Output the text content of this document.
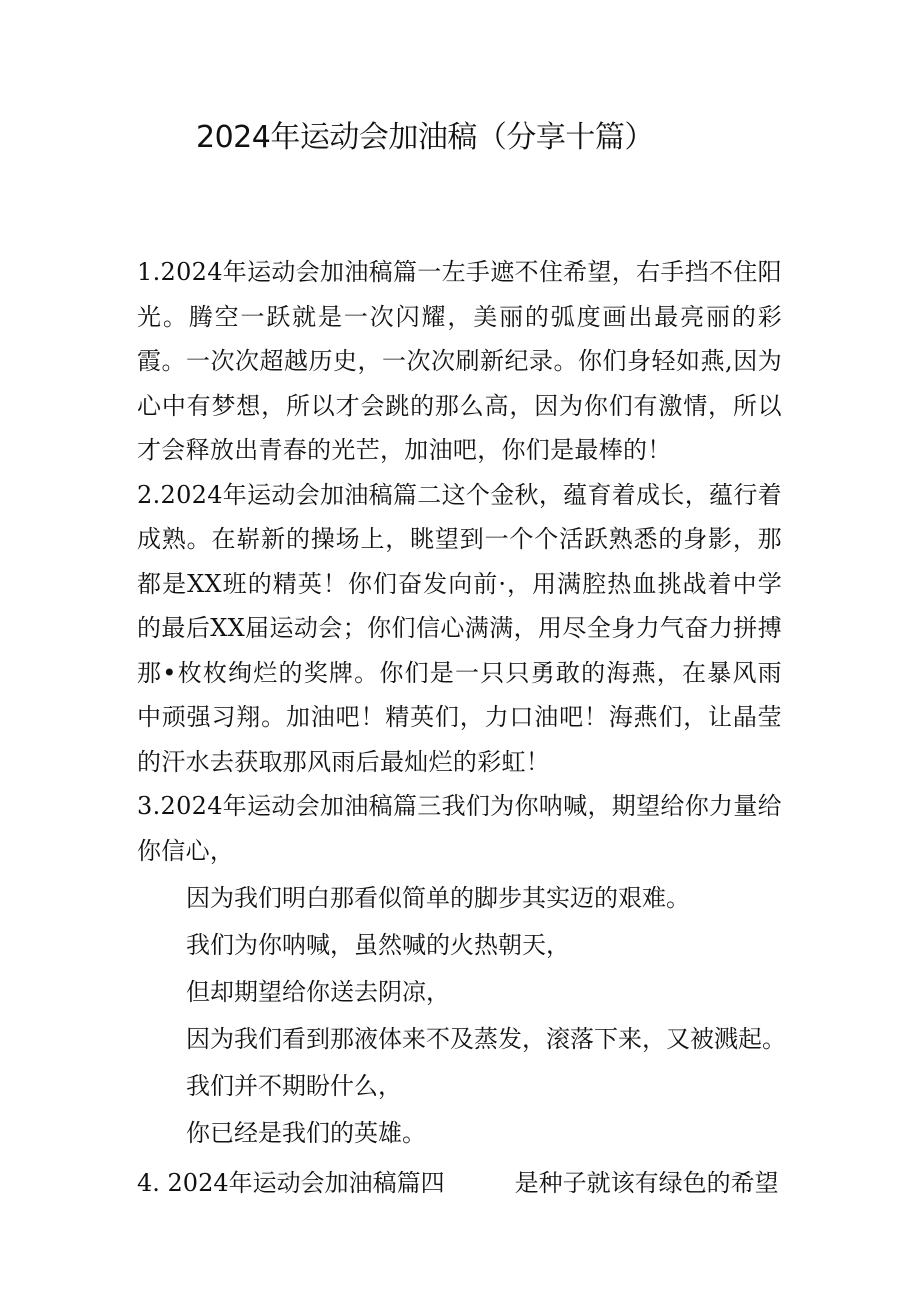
2024年运动会加油稿（分享十篇）

1.2024年运动会加油稿篇一左手遮不住希望，右手挡不住阳光。腾空一跃就是一次闪耀，美丽的弧度画出最亮丽的彩霞。一次次超越历史，一次次刷新纪录。你们身轻如燕,因为心中有梦想，所以才会跳的那么高，因为你们有激情，所以才会释放出青春的光芒，加油吧，你们是最棒的！

2.2024年运动会加油稿篇二这个金秋，蕴育着成长，蕴行着成熟。在崭新的操场上，眺望到一个个活跃熟悉的身影，那都是XX班的精英！你们奋发向前·，用满腔热血挑战着中学的最后XX届运动会；你们信心满满，用尽全身力气奋力拼搏那•枚枚绚烂的奖牌。你们是一只只勇敢的海燕，在暴风雨中顽强习翔。加油吧！精英们，力口油吧！海燕们，让晶莹的汗水去获取那风雨后最灿烂的彩虹！

3.2024年运动会加油稿篇三我们为你呐喊，期望给你力量给你信心，

因为我们明白那看似简单的脚步其实迈的艰难。

我们为你呐喊，虽然喊的火热朝天，

但却期望给你送去阴凉，

因为我们看到那液体来不及蒸发，滚落下来，又被溅起。

我们并不期盼什么，

你已经是我们的英雄。

4. 2024年运动会加油稿篇四	是种子就该有绿色的希望
